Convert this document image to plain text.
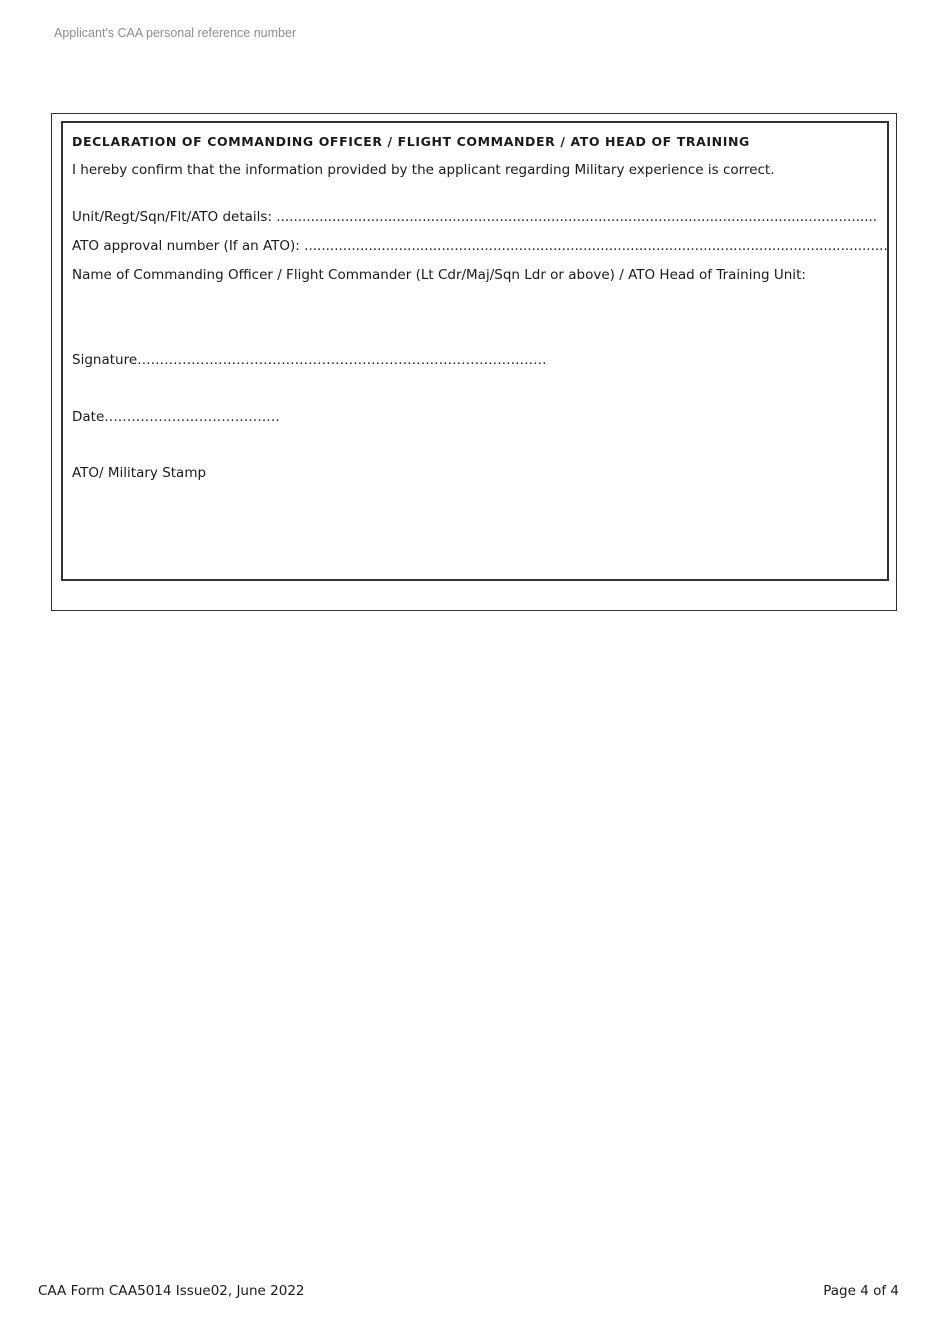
Applicant's CAA personal reference number
DECLARATION OF COMMANDING OFFICER / FLIGHT COMMANDER / ATO HEAD OF TRAINING
I hereby confirm that the information provided by the applicant regarding Military experience is correct.
Unit/Regt/Sqn/Flt/ATO details: ............................................................................................................................................
ATO approval number (If an ATO): ........................................................................................................................................
Name of Commanding Officer / Flight Commander (Lt Cdr/Maj/Sqn Ldr or above) / ATO Head of Training Unit:
Signature……………………………………………………………………………….
Date…………………………………
ATO/ Military Stamp
CAA Form CAA5014 Issue02, June 2022	Page 4 of 4
